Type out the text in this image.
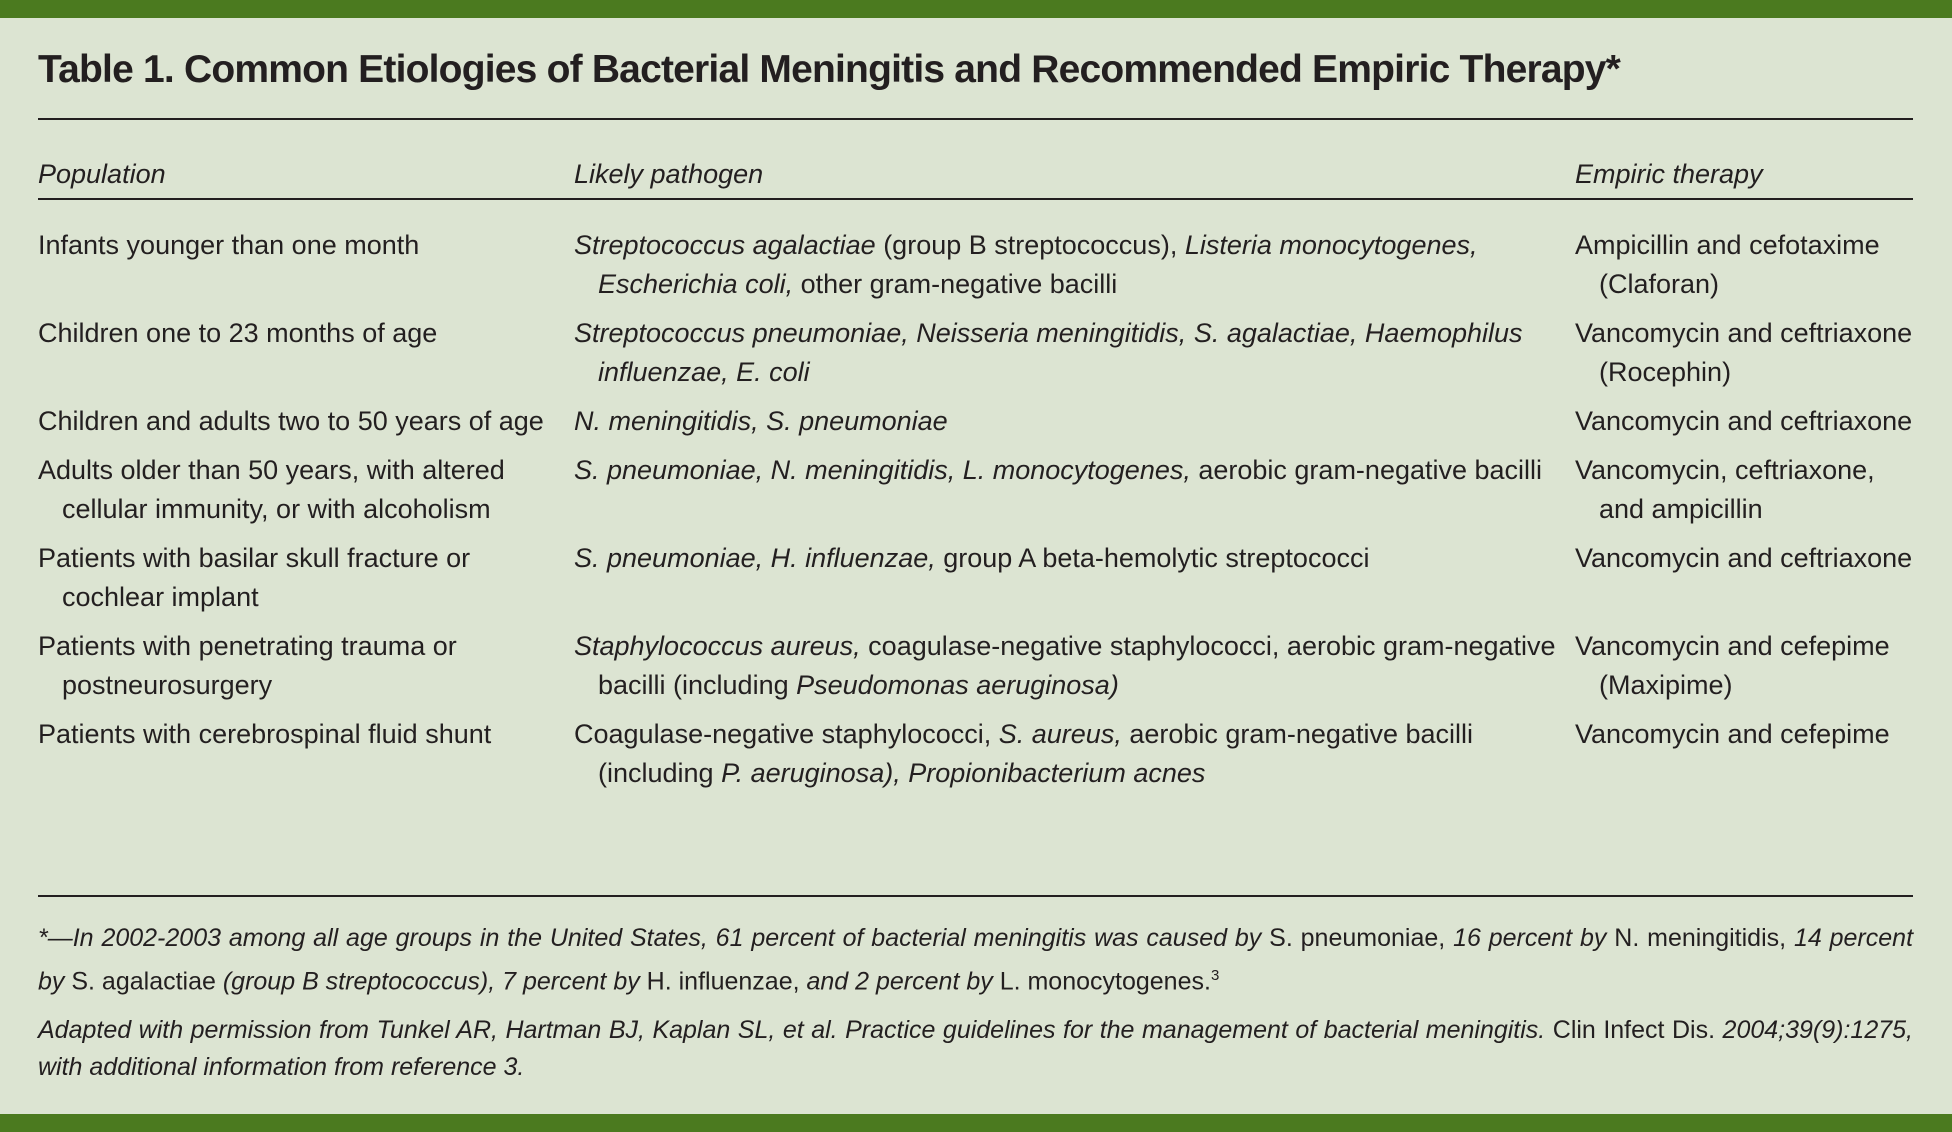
Table 1. Common Etiologies of Bacterial Meningitis and Recommended Empiric Therapy*
Population	Likely pathogen	Empiric therapy

Infants younger than one month	Streptococcus agalactiae (group B streptococcus), Listeria monocytogenes, Escherichia coli, other gram-negative bacilli	Ampicillin and cefotaxime (Claforan)
Children one to 23 months of age	Streptococcus pneumoniae, Neisseria meningitidis, S. agalactiae, Haemophilus influenzae, E. coli	Vancomycin and ceftriaxone (Rocephin)
Children and adults two to 50 years of age	N. meningitidis, S. pneumoniae	Vancomycin and ceftriaxone
Adults older than 50 years, with altered cellular immunity, or with alcoholism	S. pneumoniae, N. meningitidis, L. monocytogenes, aerobic gram-negative bacilli	Vancomycin, ceftriaxone, and ampicillin
Patients with basilar skull fracture or cochlear implant	S. pneumoniae, H. influenzae, group A beta-hemolytic streptococci	Vancomycin and ceftriaxone
Patients with penetrating trauma or postneurosurgery	Staphylococcus aureus, coagulase-negative staphylococci, aerobic gram-negative bacilli (including Pseudomonas aeruginosa)	Vancomycin and cefepime (Maxipime)
Patients with cerebrospinal fluid shunt	Coagulase-negative staphylococci, S. aureus, aerobic gram-negative bacilli (including P. aeruginosa), Propionibacterium acnes	Vancomycin and cefepime
*—In 2002-2003 among all age groups in the United States, 61 percent of bacterial meningitis was caused by S. pneumoniae, 16 percent by N. meningitidis, 14 percent by S. agalactiae (group B streptococcus), 7 percent by H. influenzae, and 2 percent by L. monocytogenes.$^3$
Adapted with permission from Tunkel AR, Hartman BJ, Kaplan SL, et al. Practice guidelines for the management of bacterial meningitis. Clin Infect Dis. 2004;39(9):1275, with additional information from reference 3.
